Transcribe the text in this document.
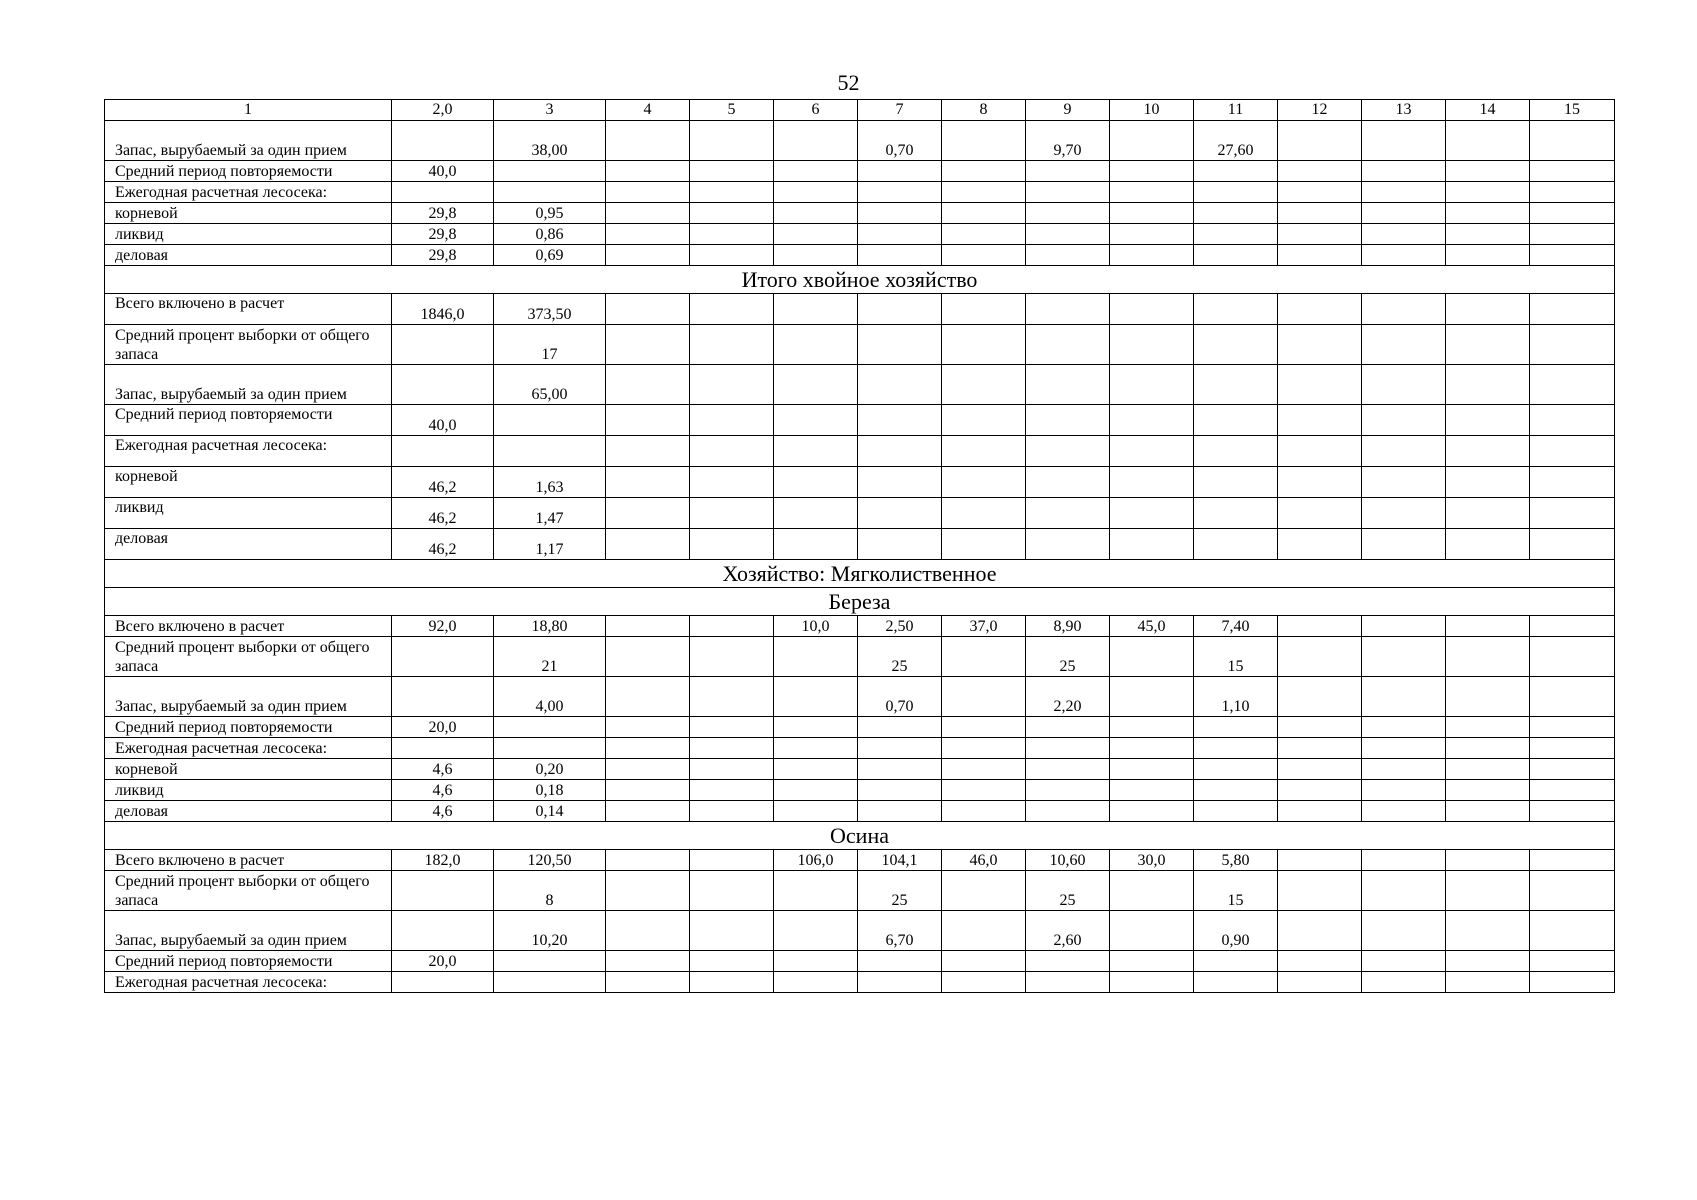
52
1	2,0	3	4	5	6	7	8	9	10	11	12	13	14	15
Запас, вырубаемый за один прием		38,00				0,70		9,70		27,60				
Средний период повторяемости	40,0													
Ежегодная расчетная лесосека:														
корневой	29,8	0,95												
ликвид	29,8	0,86												
деловая	29,8	0,69												
Итого хвойное хозяйство														
Всего включено в расчет	1846,0	373,50												
Средний процент выборки от общего запаса		17												
Запас, вырубаемый за один прием		65,00												
Средний период повторяемости	40,0													
Ежегодная расчетная лесосека:														
корневой	46,2	1,63												
ликвид	46,2	1,47												
деловая	46,2	1,17												
Хозяйство: Мягколиственное														
Береза														
Всего включено в расчет	92,0	18,80			10,0	2,50	37,0	8,90	45,0	7,40				
Средний процент выборки от общего запаса		21				25		25		15				
Запас, вырубаемый за один прием		4,00				0,70		2,20		1,10				
Средний период повторяемости	20,0													
Ежегодная расчетная лесосека:														
корневой	4,6	0,20												
ликвид	4,6	0,18												
деловая	4,6	0,14												
Осина														
Всего включено в расчет	182,0	120,50			106,0	104,1	46,0	10,60	30,0	5,80				
Средний процент выборки от общего запаса		8				25		25		15				
Запас, вырубаемый за один прием		10,20				6,70		2,60		0,90				
Средний период повторяемости	20,0													
Ежегодная расчетная лесосека:														
